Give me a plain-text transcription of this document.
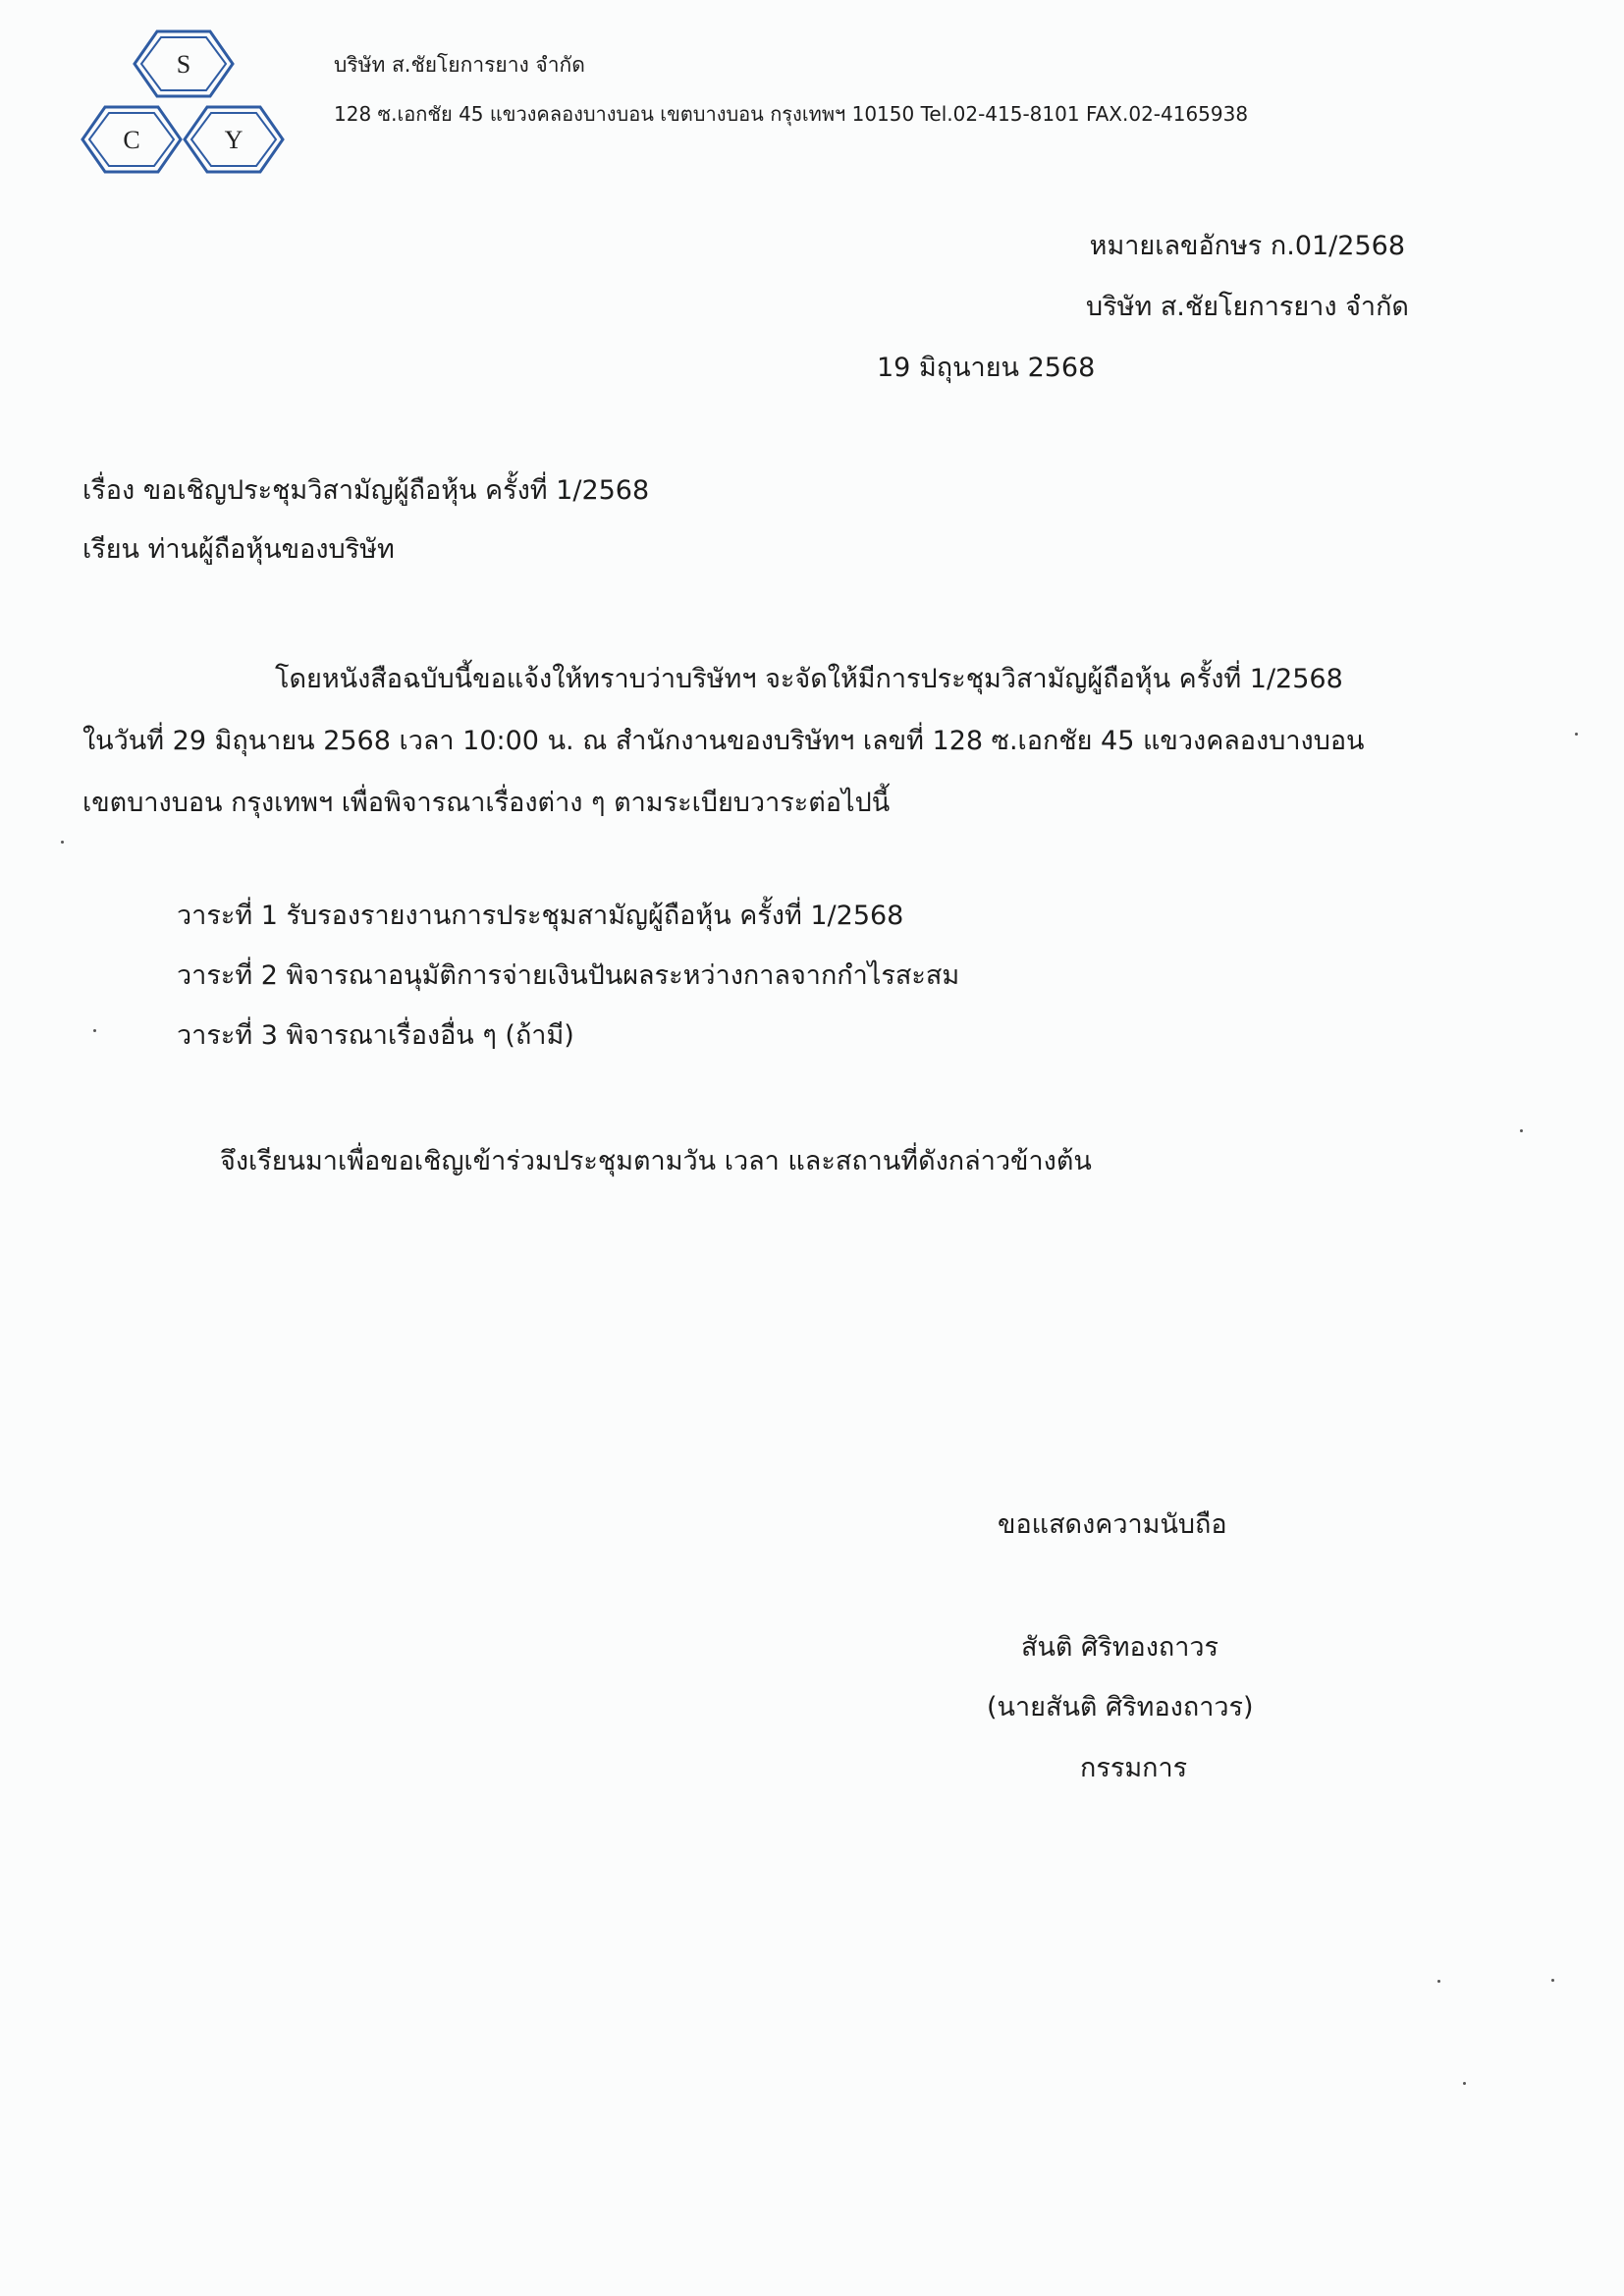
S
C	Y
บริษัท ส.ชัยโยการยาง จำกัด
128 ซ.เอกชัย 45 แขวงคลองบางบอน เขตบางบอน กรุงเทพฯ 10150 Tel.02-415-8101 FAX.02-4165938
หมายเลขอักษร ก.01/2568
บริษัท ส.ชัยโยการยาง จำกัด
19 มิถุนายน 2568
เรื่อง ขอเชิญประชุมวิสามัญผู้ถือหุ้น ครั้งที่ 1/2568
เรียน ท่านผู้ถือหุ้นของบริษัท

โดยหนังสือฉบับนี้ขอแจ้งให้ทราบว่าบริษัทฯ จะจัดให้มีการประชุมวิสามัญผู้ถือหุ้น ครั้งที่ 1/2568

ในวันที่ 29 มิถุนายน 2568 เวลา 10:00 น. ณ สำนักงานของบริษัทฯ เลขที่ 128 ซ.เอกชัย 45 แขวงคลองบางบอน

เขตบางบอน กรุงเทพฯ เพื่อพิจารณาเรื่องต่าง ๆ ตามระเบียบวาระต่อไปนี้

วาระที่ 1 รับรองรายงานการประชุมสามัญผู้ถือหุ้น ครั้งที่ 1/2568
วาระที่ 2 พิจารณาอนุมัติการจ่ายเงินปันผลระหว่างกาลจากกำไรสะสม
วาระที่ 3 พิจารณาเรื่องอื่น ๆ (ถ้ามี)
จึงเรียนมาเพื่อขอเชิญเข้าร่วมประชุมตามวัน เวลา และสถานที่ดังกล่าวข้างต้น
ขอแสดงความนับถือ
สันติ ศิริทองถาวร
(นายสันติ ศิริทองถาวร)
กรรมการ
